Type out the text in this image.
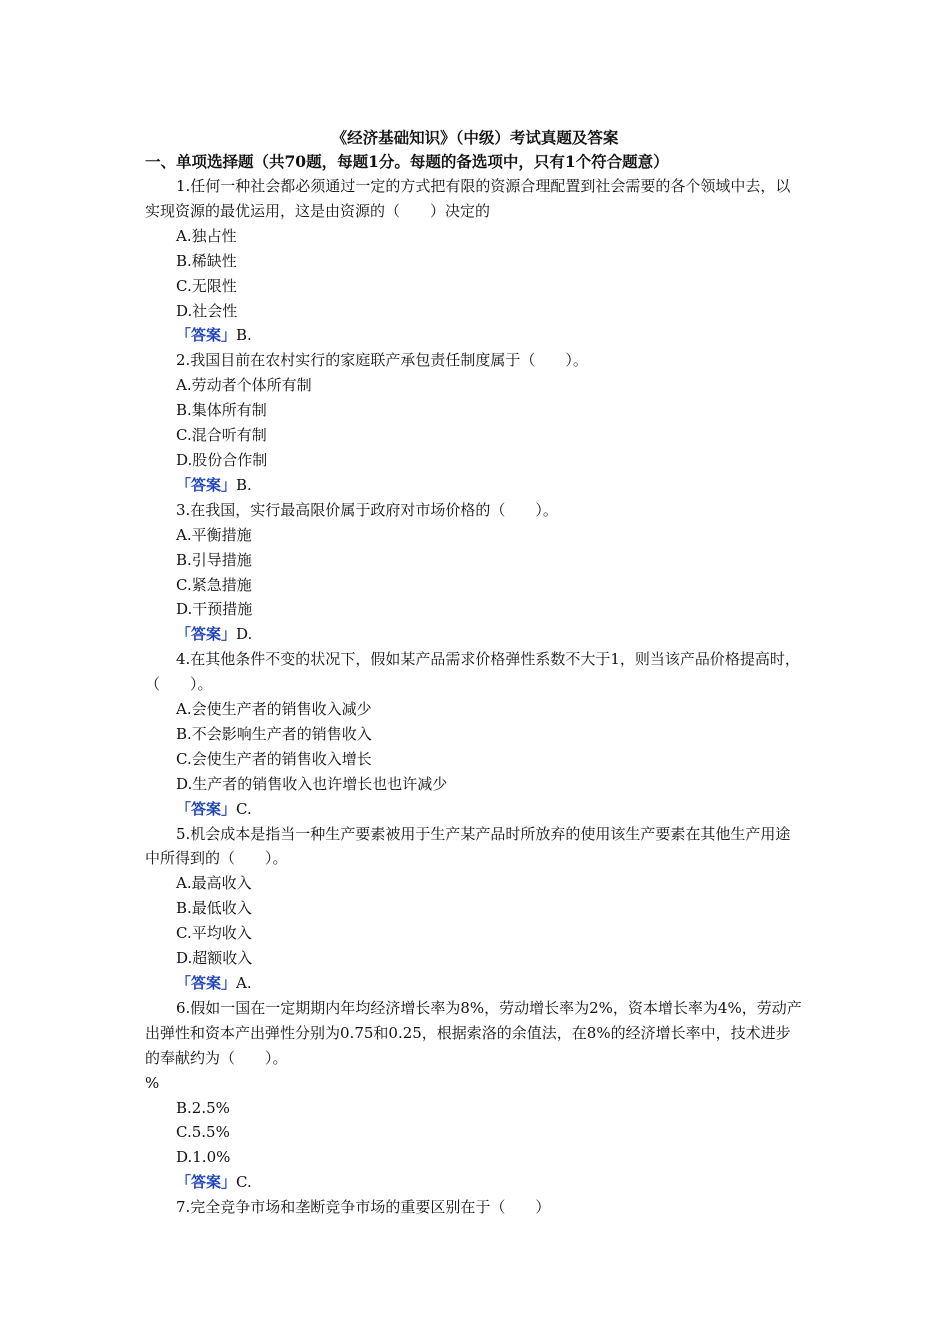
《经济基础知识》（中级）考试真题及答案
一、单项选择题（共70题，每题1分。每题的备选项中，只有1个符合题意）

1.任何一种社会都必须通过一定的方式把有限的资源合理配置到社会需要的各个领域中去，以实现资源的最优运用，这是由资源的（　　）决定的

A.独占性

B.稀缺性

C.无限性

D.社会性

「答案」B.

2.我国目前在农村实行的家庭联产承包责任制度属于（　　）。

A.劳动者个体所有制

B.集体所有制

C.混合听有制

D.股份合作制

「答案」B.

3.在我国，实行最高限价属于政府对市场价格的（　　）。

A.平衡措施

B.引导措施

C.紧急措施

D.干预措施

「答案」D.

4.在其他条件不变的状况下，假如某产品需求价格弹性系数不大于1，则当该产品价格提高时，（　　）。

A.会使生产者的销售收入减少

B.不会影响生产者的销售收入

C.会使生产者的销售收入增长

D.生产者的销售收入也许增长也也许减少

「答案」C.

5.机会成本是指当一种生产要素被用于生产某产品时所放弃的使用该生产要素在其他生产用途中所得到的（　　）。

A.最高收入

B.最低收入

C.平均收入

D.超额收入

「答案」A.

6.假如一国在一定期期内年均经济增长率为8%，劳动增长率为2%，资本增长率为4%，劳动产出弹性和资本产出弹性分别为0.75和0.25，根据索洛的余值法，在8%的经济增长率中，技术进步的奉献约为（　　）。

%

B.2.5%

C.5.5%

D.1.0%

「答案」C.

7.完全竞争市场和垄断竞争市场的重要区别在于（　　）
